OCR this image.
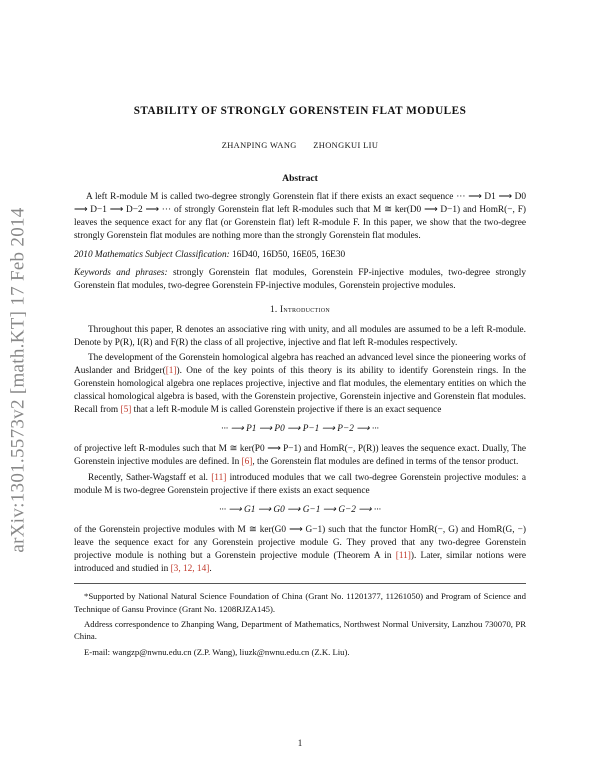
arXiv:1301.5573v2 [math.KT] 17 Feb 2014
STABILITY OF STRONGLY GORENSTEIN FLAT MODULES
ZHANPING WANG ZHONGKUI LIU
Abstract

A left R-module M is called two-degree strongly Gorenstein flat if there exists an exact sequence ··· ⟶ D1 ⟶ D0 ⟶ D−1 ⟶ D−2 ⟶ ··· of strongly Gorenstein flat left R-modules such that M ≅ ker(D0 ⟶ D−1) and HomR(−, F) leaves the sequence exact for any flat (or Gorenstein flat) left R-module F. In this paper, we show that the two-degree strongly Gorenstein flat modules are nothing more than the strongly Gorenstein flat modules.

2010 Mathematics Subject Classification: 16D40, 16D50, 16E05, 16E30

Keywords and phrases: strongly Gorenstein flat modules, Gorenstein FP-injective modules, two-degree strongly Gorenstein flat modules, two-degree Gorenstein FP-injective modules, Gorenstein projective modules.

1. Introduction

Throughout this paper, R denotes an associative ring with unity, and all modules are assumed to be a left R-module. Denote by P(R), I(R) and F(R) the class of all projective, injective and flat left R-modules respectively.

The development of the Gorenstein homological algebra has reached an advanced level since the pioneering works of Auslander and Bridger([1]). One of the key points of this theory is its ability to identify Gorenstein rings. In the Gorenstein homological algebra one replaces projective, injective and flat modules, the elementary entities on which the classical homological algebra is based, with the Gorenstein projective, Gorenstein injective and Gorenstein flat modules. Recall from [5] that a left R-module M is called Gorenstein projective if there is an exact sequence

··· ⟶ P1 ⟶ P0 ⟶ P−1 ⟶ P−2 ⟶ ···

of projective left R-modules such that M ≅ ker(P0 ⟶ P−1) and HomR(−, P(R)) leaves the sequence exact. Dually, The Gorenstein injective modules are defined. In [6], the Gorenstein flat modules are defined in terms of the tensor product.

Recently, Sather-Wagstaff et al. [11] introduced modules that we call two-degree Gorenstein projective modules: a module M is two-degree Gorenstein projective if there exists an exact sequence

··· ⟶ G1 ⟶ G0 ⟶ G−1 ⟶ G−2 ⟶ ···

of the Gorenstein projective modules with M ≅ ker(G0 ⟶ G−1) such that the functor HomR(−, G) and HomR(G, −) leave the sequence exact for any Gorenstein projective module G. They proved that any two-degree Gorenstein projective module is nothing but a Gorenstein projective module (Theorem A in [11]). Later, similar notions were introduced and studied in [3, 12, 14].

*Supported by National Natural Science Foundation of China (Grant No. 11201377, 11261050) and Program of Science and Technique of Gansu Province (Grant No. 1208RJZA145).

Address correspondence to Zhanping Wang, Department of Mathematics, Northwest Normal University, Lanzhou 730070, PR China.

E-mail: wangzp@nwnu.edu.cn (Z.P. Wang), liuzk@nwnu.edu.cn (Z.K. Liu).

1
